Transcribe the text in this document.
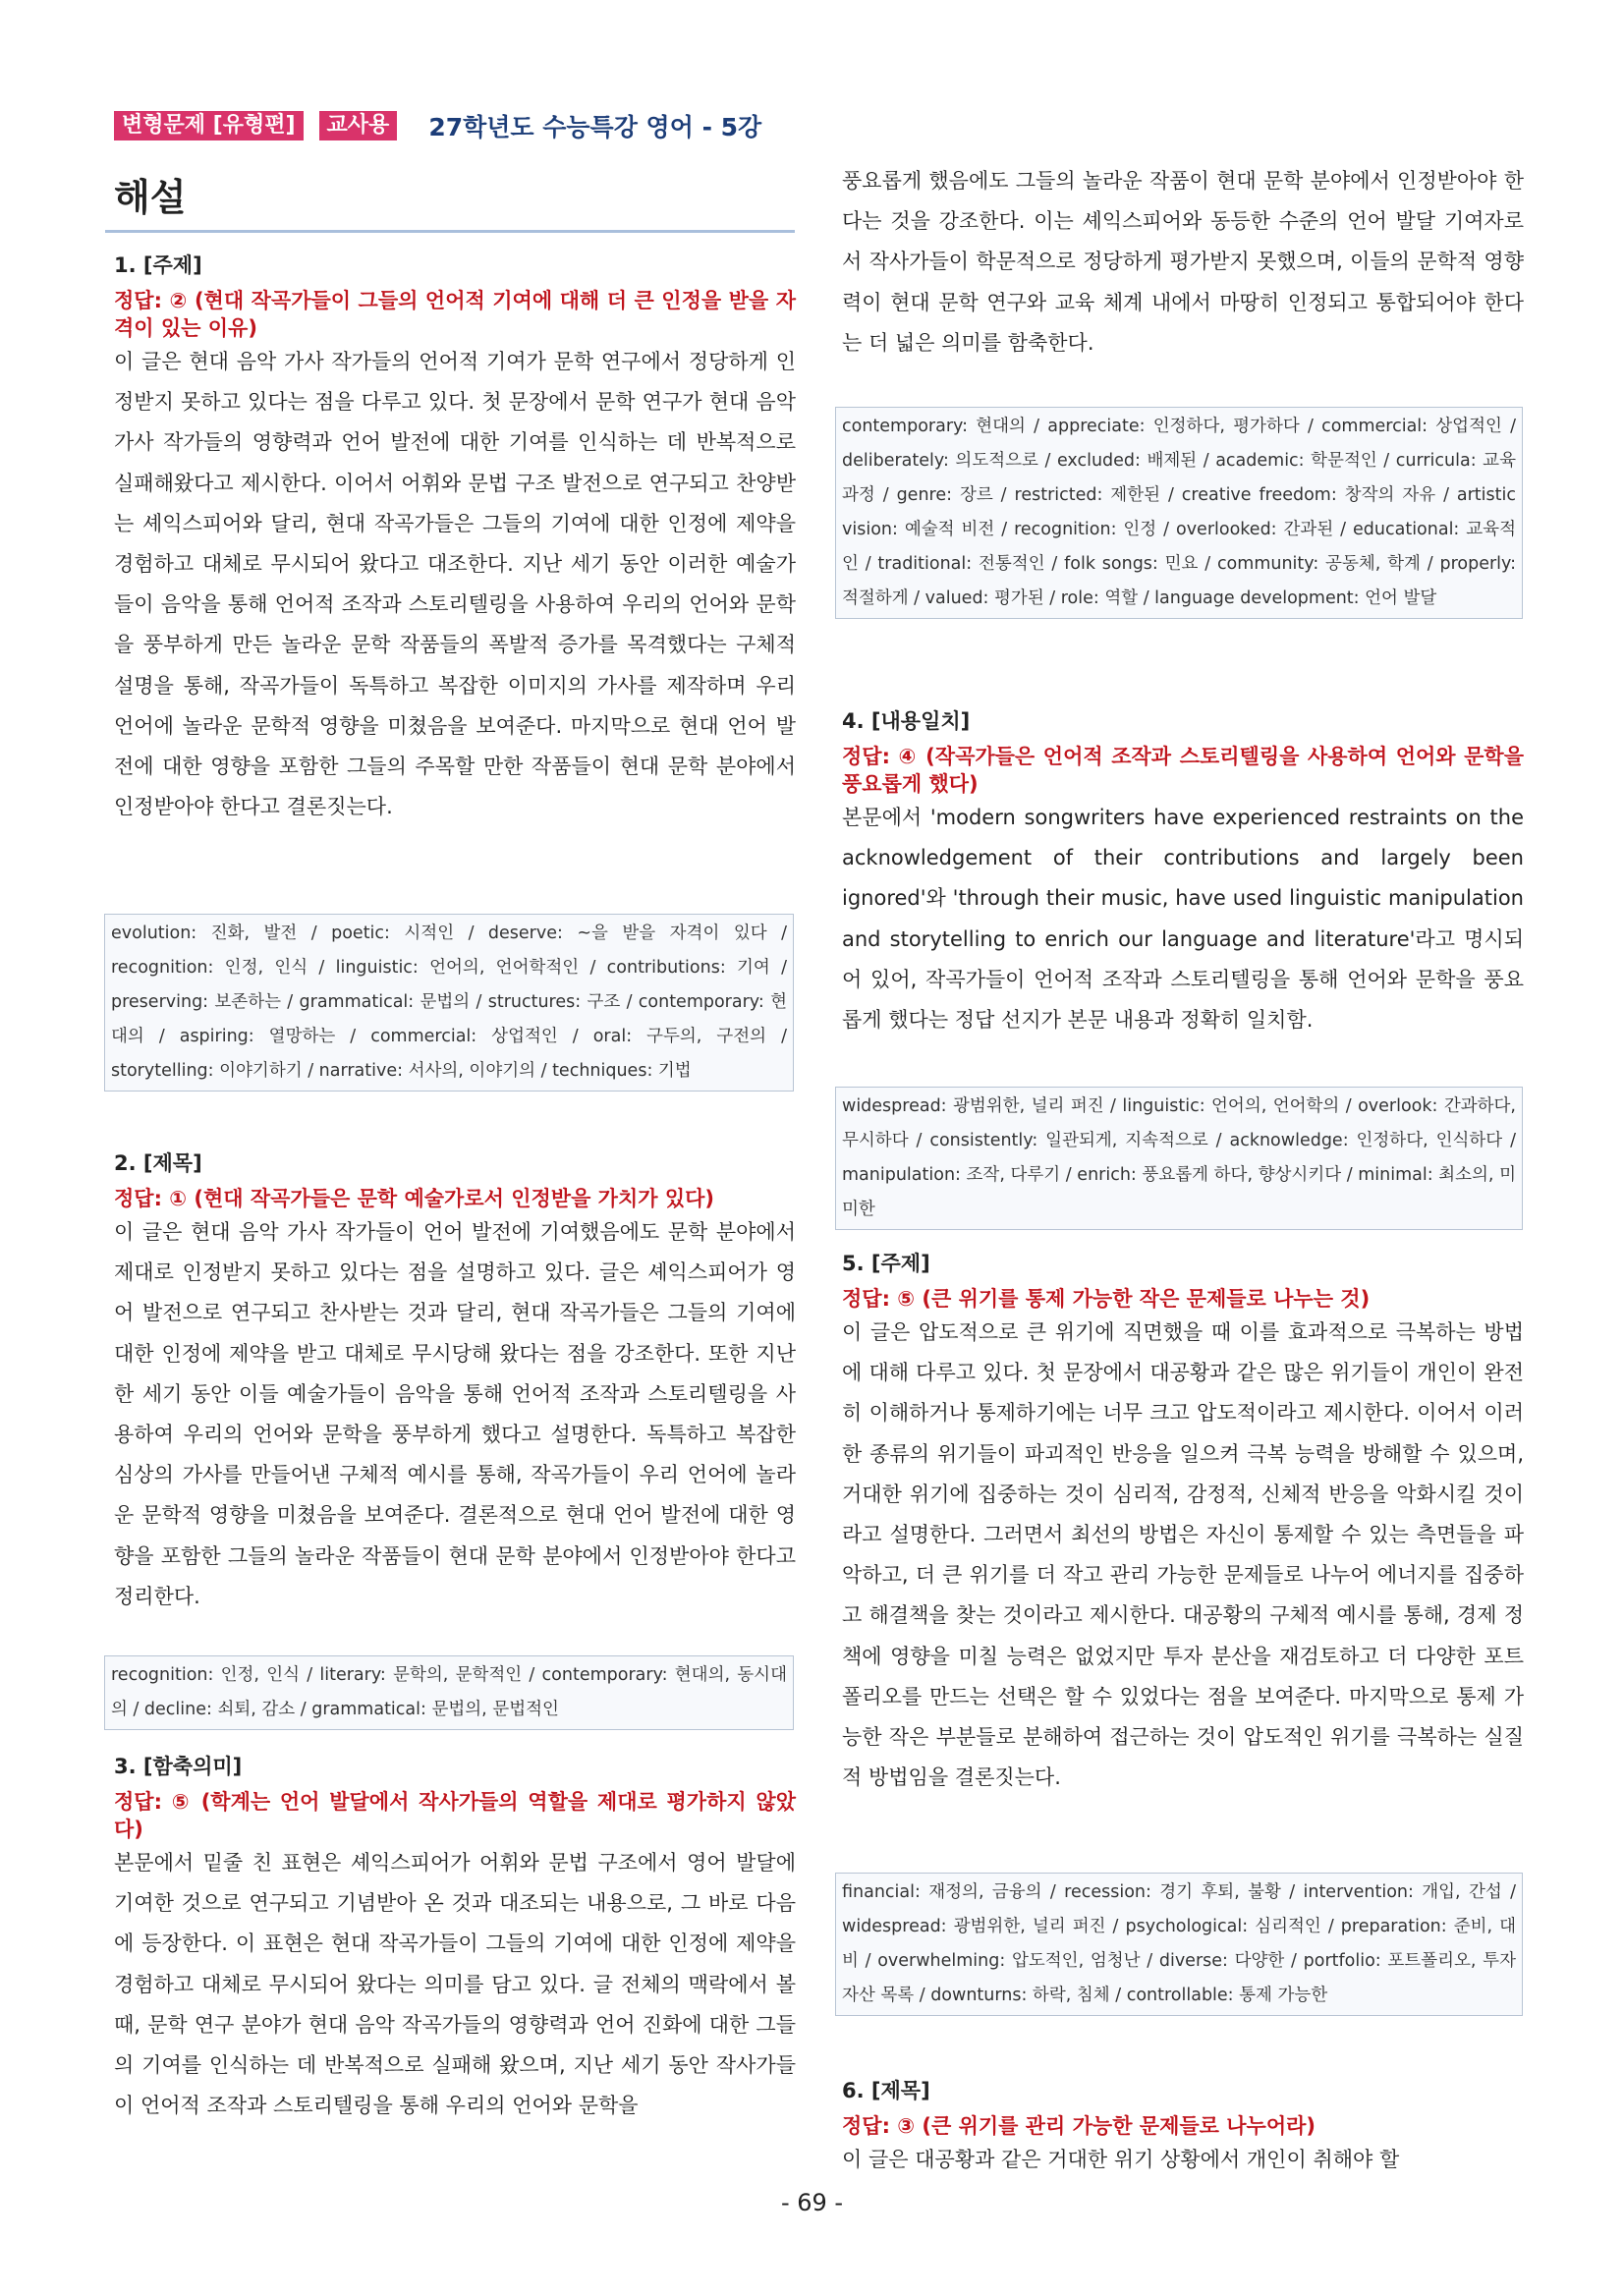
변형문제 [유형편]	교사용	27학년도 수능특강 영어 - 5강
해설
1. [주제]
정답: ② (현대 작곡가들이 그들의 언어적 기여에 대해 더 큰 인정을 받을 자격이 있는 이유)
이 글은 현대 음악 가사 작가들의 언어적 기여가 문학 연구에서 정당하게 인정받지 못하고 있다는 점을 다루고 있다. 첫 문장에서 문학 연구가 현대 음악 가사 작가들의 영향력과 언어 발전에 대한 기여를 인식하는 데 반복적으로 실패해왔다고 제시한다. 이어서 어휘와 문법 구조 발전으로 연구되고 찬양받는 셰익스피어와 달리, 현대 작곡가들은 그들의 기여에 대한 인정에 제약을 경험하고 대체로 무시되어 왔다고 대조한다. 지난 세기 동안 이러한 예술가들이 음악을 통해 언어적 조작과 스토리텔링을 사용하여 우리의 언어와 문학을 풍부하게 만든 놀라운 문학 작품들의 폭발적 증가를 목격했다는 구체적 설명을 통해, 작곡가들이 독특하고 복잡한 이미지의 가사를 제작하며 우리 언어에 놀라운 문학적 영향을 미쳤음을 보여준다. 마지막으로 현대 언어 발전에 대한 영향을 포함한 그들의 주목할 만한 작품들이 현대 문학 분야에서 인정받아야 한다고 결론짓는다.
evolution: 진화, 발전 / poetic: 시적인 / deserve: ~을 받을 자격이 있다 / recognition: 인정, 인식 / linguistic: 언어의, 언어학적인 / contributions: 기여 / preserving: 보존하는 / grammatical: 문법의 / structures: 구조 / contemporary: 현대의 / aspiring: 열망하는 / commercial: 상업적인 / oral: 구두의, 구전의 / storytelling: 이야기하기 / narrative: 서사의, 이야기의 / techniques: 기법
2. [제목]
정답: ① (현대 작곡가들은 문학 예술가로서 인정받을 가치가 있다)
이 글은 현대 음악 가사 작가들이 언어 발전에 기여했음에도 문학 분야에서 제대로 인정받지 못하고 있다는 점을 설명하고 있다. 글은 셰익스피어가 영어 발전으로 연구되고 찬사받는 것과 달리, 현대 작곡가들은 그들의 기여에 대한 인정에 제약을 받고 대체로 무시당해 왔다는 점을 강조한다. 또한 지난 한 세기 동안 이들 예술가들이 음악을 통해 언어적 조작과 스토리텔링을 사용하여 우리의 언어와 문학을 풍부하게 했다고 설명한다. 독특하고 복잡한 심상의 가사를 만들어낸 구체적 예시를 통해, 작곡가들이 우리 언어에 놀라운 문학적 영향을 미쳤음을 보여준다. 결론적으로 현대 언어 발전에 대한 영향을 포함한 그들의 놀라운 작품들이 현대 문학 분야에서 인정받아야 한다고 정리한다.
recognition: 인정, 인식 / literary: 문학의, 문학적인 / contemporary: 현대의, 동시대의 / decline: 쇠퇴, 감소 / grammatical: 문법의, 문법적인
3. [함축의미]
정답: ⑤ (학계는 언어 발달에서 작사가들의 역할을 제대로 평가하지 않았다)
본문에서 밑줄 친 표현은 셰익스피어가 어휘와 문법 구조에서 영어 발달에 기여한 것으로 연구되고 기념받아 온 것과 대조되는 내용으로, 그 바로 다음에 등장한다. 이 표현은 현대 작곡가들이 그들의 기여에 대한 인정에 제약을 경험하고 대체로 무시되어 왔다는 의미를 담고 있다. 글 전체의 맥락에서 볼 때, 문학 연구 분야가 현대 음악 작곡가들의 영향력과 언어 진화에 대한 그들의 기여를 인식하는 데 반복적으로 실패해 왔으며, 지난 세기 동안 작사가들이 언어적 조작과 스토리텔링을 통해 우리의 언어와 문학을
풍요롭게 했음에도 그들의 놀라운 작품이 현대 문학 분야에서 인정받아야 한다는 것을 강조한다. 이는 셰익스피어와 동등한 수준의 언어 발달 기여자로서 작사가들이 학문적으로 정당하게 평가받지 못했으며, 이들의 문학적 영향력이 현대 문학 연구와 교육 체계 내에서 마땅히 인정되고 통합되어야 한다는 더 넓은 의미를 함축한다.
contemporary: 현대의 / appreciate: 인정하다, 평가하다 / commercial: 상업적인 / deliberately: 의도적으로 / excluded: 배제된 / academic: 학문적인 / curricula: 교육과정 / genre: 장르 / restricted: 제한된 / creative freedom: 창작의 자유 / artistic vision: 예술적 비전 / recognition: 인정 / overlooked: 간과된 / educational: 교육적인 / traditional: 전통적인 / folk songs: 민요 / community: 공동체, 학계 / properly: 적절하게 / valued: 평가된 / role: 역할 / language development: 언어 발달
4. [내용일치]
정답: ④ (작곡가들은 언어적 조작과 스토리텔링을 사용하여 언어와 문학을 풍요롭게 했다)
본문에서 'modern songwriters have experienced restraints on the acknowledgement of their contributions and largely been ignored'와 'through their music, have used linguistic manipulation and storytelling to enrich our language and literature'라고 명시되어 있어, 작곡가들이 언어적 조작과 스토리텔링을 통해 언어와 문학을 풍요롭게 했다는 정답 선지가 본문 내용과 정확히 일치함.
widespread: 광범위한, 널리 퍼진 / linguistic: 언어의, 언어학의 / overlook: 간과하다, 무시하다 / consistently: 일관되게, 지속적으로 / acknowledge: 인정하다, 인식하다 / manipulation: 조작, 다루기 / enrich: 풍요롭게 하다, 향상시키다 / minimal: 최소의, 미미한
5. [주제]
정답: ⑤ (큰 위기를 통제 가능한 작은 문제들로 나누는 것)
이 글은 압도적으로 큰 위기에 직면했을 때 이를 효과적으로 극복하는 방법에 대해 다루고 있다. 첫 문장에서 대공황과 같은 많은 위기들이 개인이 완전히 이해하거나 통제하기에는 너무 크고 압도적이라고 제시한다. 이어서 이러한 종류의 위기들이 파괴적인 반응을 일으켜 극복 능력을 방해할 수 있으며, 거대한 위기에 집중하는 것이 심리적, 감정적, 신체적 반응을 악화시킬 것이라고 설명한다. 그러면서 최선의 방법은 자신이 통제할 수 있는 측면들을 파악하고, 더 큰 위기를 더 작고 관리 가능한 문제들로 나누어 에너지를 집중하고 해결책을 찾는 것이라고 제시한다. 대공황의 구체적 예시를 통해, 경제 정책에 영향을 미칠 능력은 없었지만 투자 분산을 재검토하고 더 다양한 포트폴리오를 만드는 선택은 할 수 있었다는 점을 보여준다. 마지막으로 통제 가능한 작은 부분들로 분해하여 접근하는 것이 압도적인 위기를 극복하는 실질적 방법임을 결론짓는다.
financial: 재정의, 금융의 / recession: 경기 후퇴, 불황 / intervention: 개입, 간섭 / widespread: 광범위한, 널리 퍼진 / psychological: 심리적인 / preparation: 준비, 대비 / overwhelming: 압도적인, 엄청난 / diverse: 다양한 / portfolio: 포트폴리오, 투자 자산 목록 / downturns: 하락, 침체 / controllable: 통제 가능한
6. [제목]
정답: ③ (큰 위기를 관리 가능한 문제들로 나누어라)
이 글은 대공황과 같은 거대한 위기 상황에서 개인이 취해야 할
- 69 -
